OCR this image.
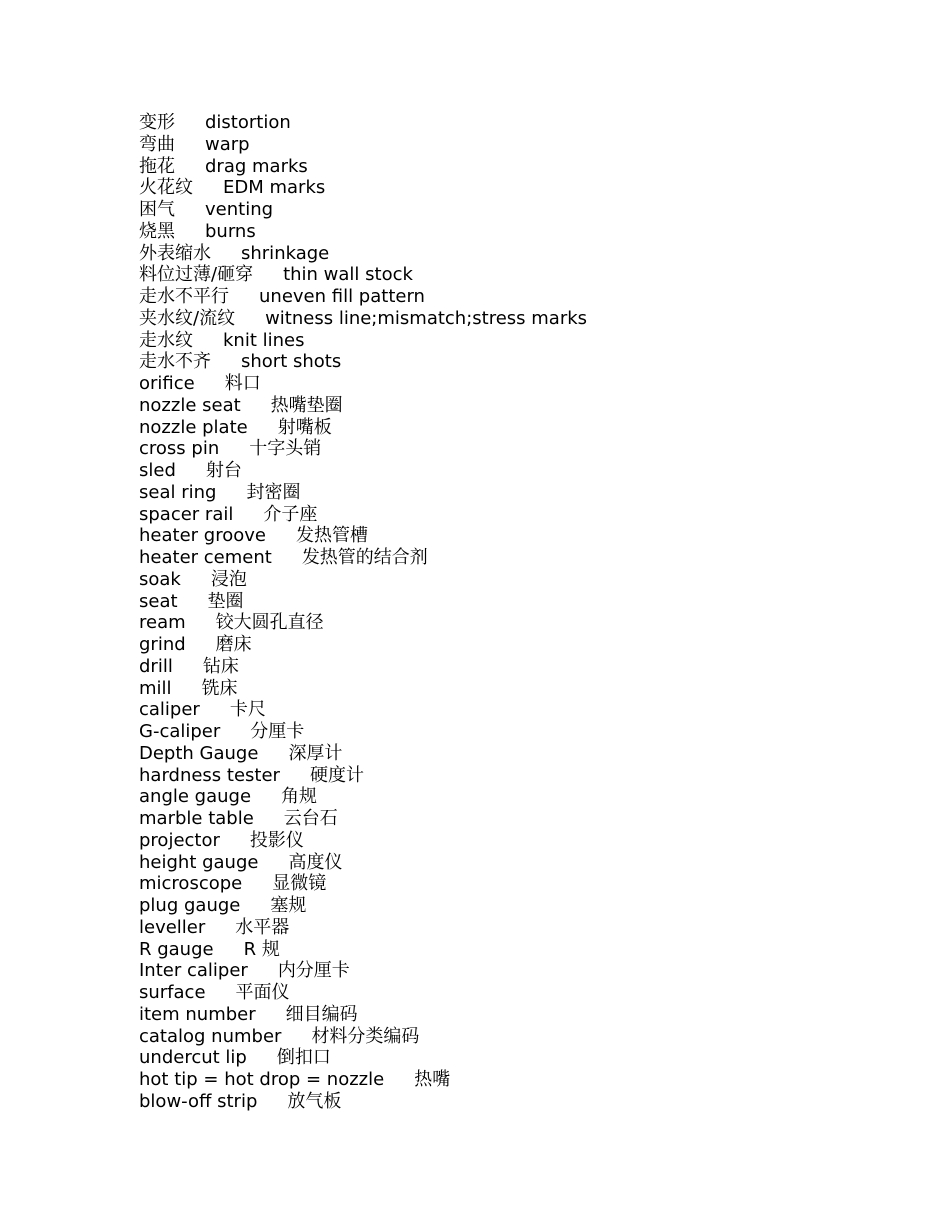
变形 distortion
弯曲 warp
拖花 drag marks
火花纹 EDM marks
困气 venting
烧黑 burns
外表缩水 shrinkage
料位过薄/砸穿 thin wall stock
走水不平行 uneven fill pattern
夹水纹/流纹 witness line;mismatch;stress marks
走水纹 knit lines
走水不齐 short shots
orifice 料口
nozzle seat 热嘴垫圈
nozzle plate 射嘴板
cross pin 十字头销
sled 射台
seal ring 封密圈
spacer rail 介子座
heater groove 发热管槽
heater cement 发热管的结合剂
soak 浸泡
seat 垫圈
ream 铰大圆孔直径
grind 磨床
drill 钻床
mill 铣床
caliper 卡尺
G-caliper 分厘卡
Depth Gauge 深厚计
hardness tester 硬度计
angle gauge 角规
marble table 云台石
projector 投影仪
height gauge 高度仪
microscope 显微镜
plug gauge 塞规
leveller 水平器
R gauge R 规
Inter caliper 内分厘卡
surface 平面仪
item number 细目编码
catalog number 材料分类编码
undercut lip 倒扣口
hot tip = hot drop = nozzle 热嘴
blow-off strip 放气板
